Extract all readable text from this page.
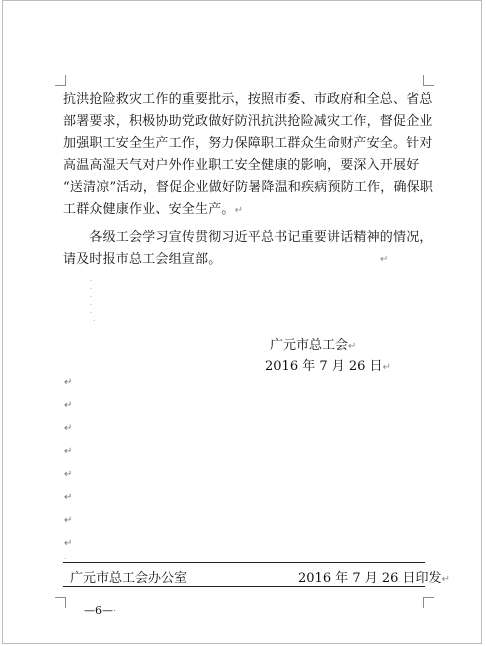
抗洪抢险救灾工作的重要批示，按照市委、市政府和全总、省总
部署要求，积极协助党政做好防汛抗洪抢险减灾工作，督促企业
加强职工安全生产工作，努力保障职工群众生命财产安全。针对
高温高湿天气对户外作业职工安全健康的影响，要深入开展好
“送清凉”活动，督促企业做好防暑降温和疾病预防工作，确保职
工群众健康作业、安全生产。↵
　　各级工会学习宣传贯彻习近平总书记重要讲话精神的情况，
请及时报市总工会组宣部。	↵
·
·
·
·
·
·
广元市总工会↵
2016 年 7 月 26 日↵
↵
↵
↵
↵
↵
↵
↵
↵
·
广元市总工会办公室	2016 年 7 月 26 日印发↵
—6—·
